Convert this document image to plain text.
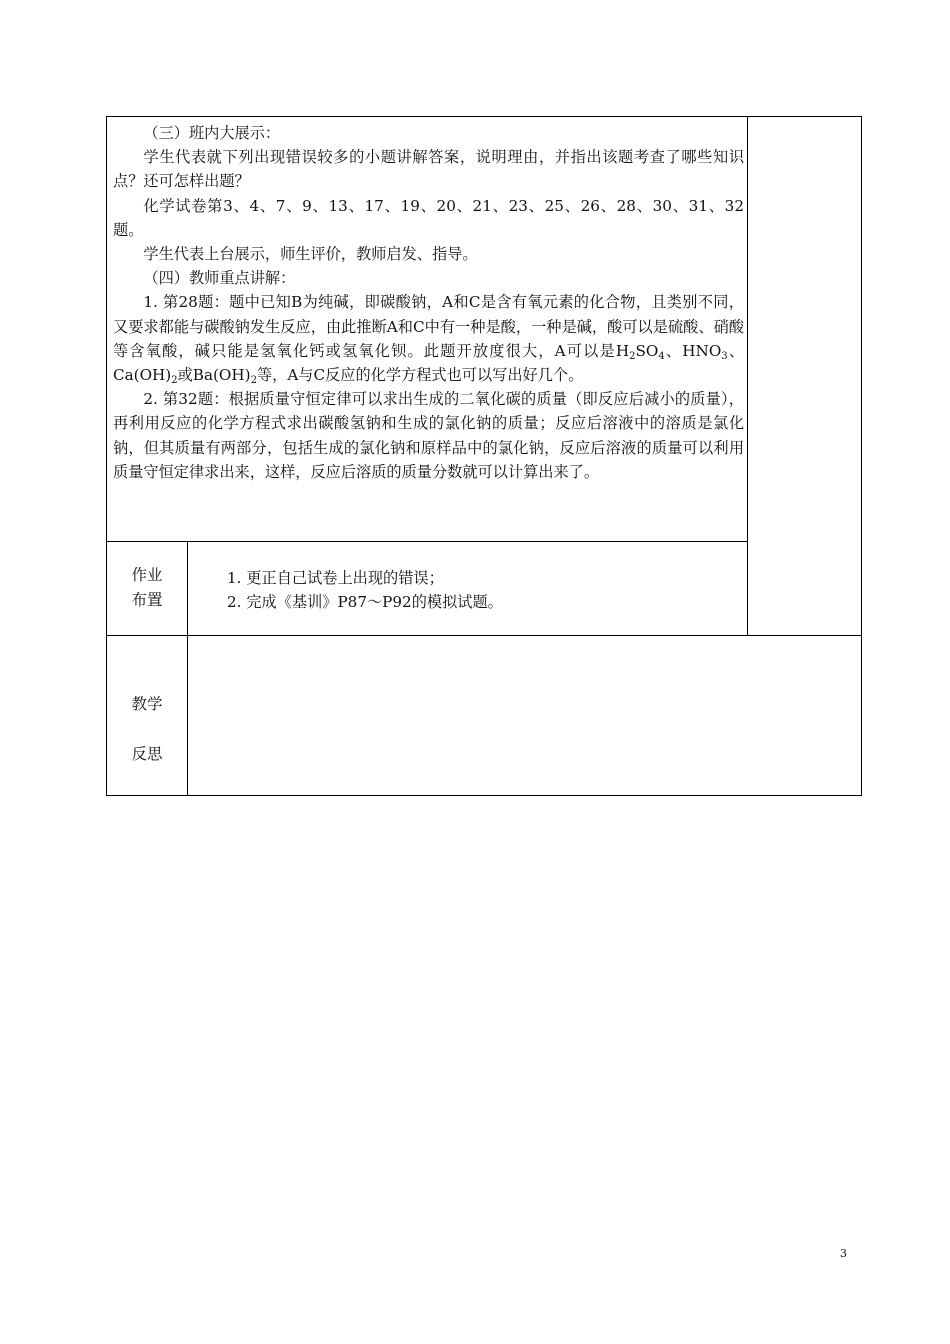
（三）班内大展示：

学生代表就下列出现错误较多的小题讲解答案，说明理由，并指出该题考查了哪些知识点？还可怎样出题？

化学试卷第3、4、7、9、13、17、19、20、21、23、25、26、28、30、31、32题。

学生代表上台展示，师生评价，教师启发、指导。

（四）教师重点讲解：

1. 第28题：题中已知B为纯碱，即碳酸钠，A和C是含有氧元素的化合物，且类别不同，又要求都能与碳酸钠发生反应，由此推断A和C中有一种是酸，一种是碱，酸可以是硫酸、硝酸等含氧酸，碱只能是氢氧化钙或氢氧化钡。此题开放度很大，A可以是$H_2SO_4$、$HNO_3$、$Ca(OH)_2$或$Ba(OH)_2$等，A与C反应的化学方程式也可以写出好几个。

2. 第32题：根据质量守恒定律可以求出生成的二氧化碳的质量（即反应后减小的质量），再利用反应的化学方程式求出碳酸氢钠和生成的氯化钠的质量；反应后溶液中的溶质是氯化钠，但其质量有两部分，包括生成的氯化钠和原样品中的氯化钠，反应后溶液的质量可以利用质量守恒定律求出来，这样，反应后溶质的质量分数就可以计算出来了。

作业
布置
1. 更正自己试卷上出现的错误；
2. 完成《基训》P87～P92的模拟试题。
教学
反思
3
